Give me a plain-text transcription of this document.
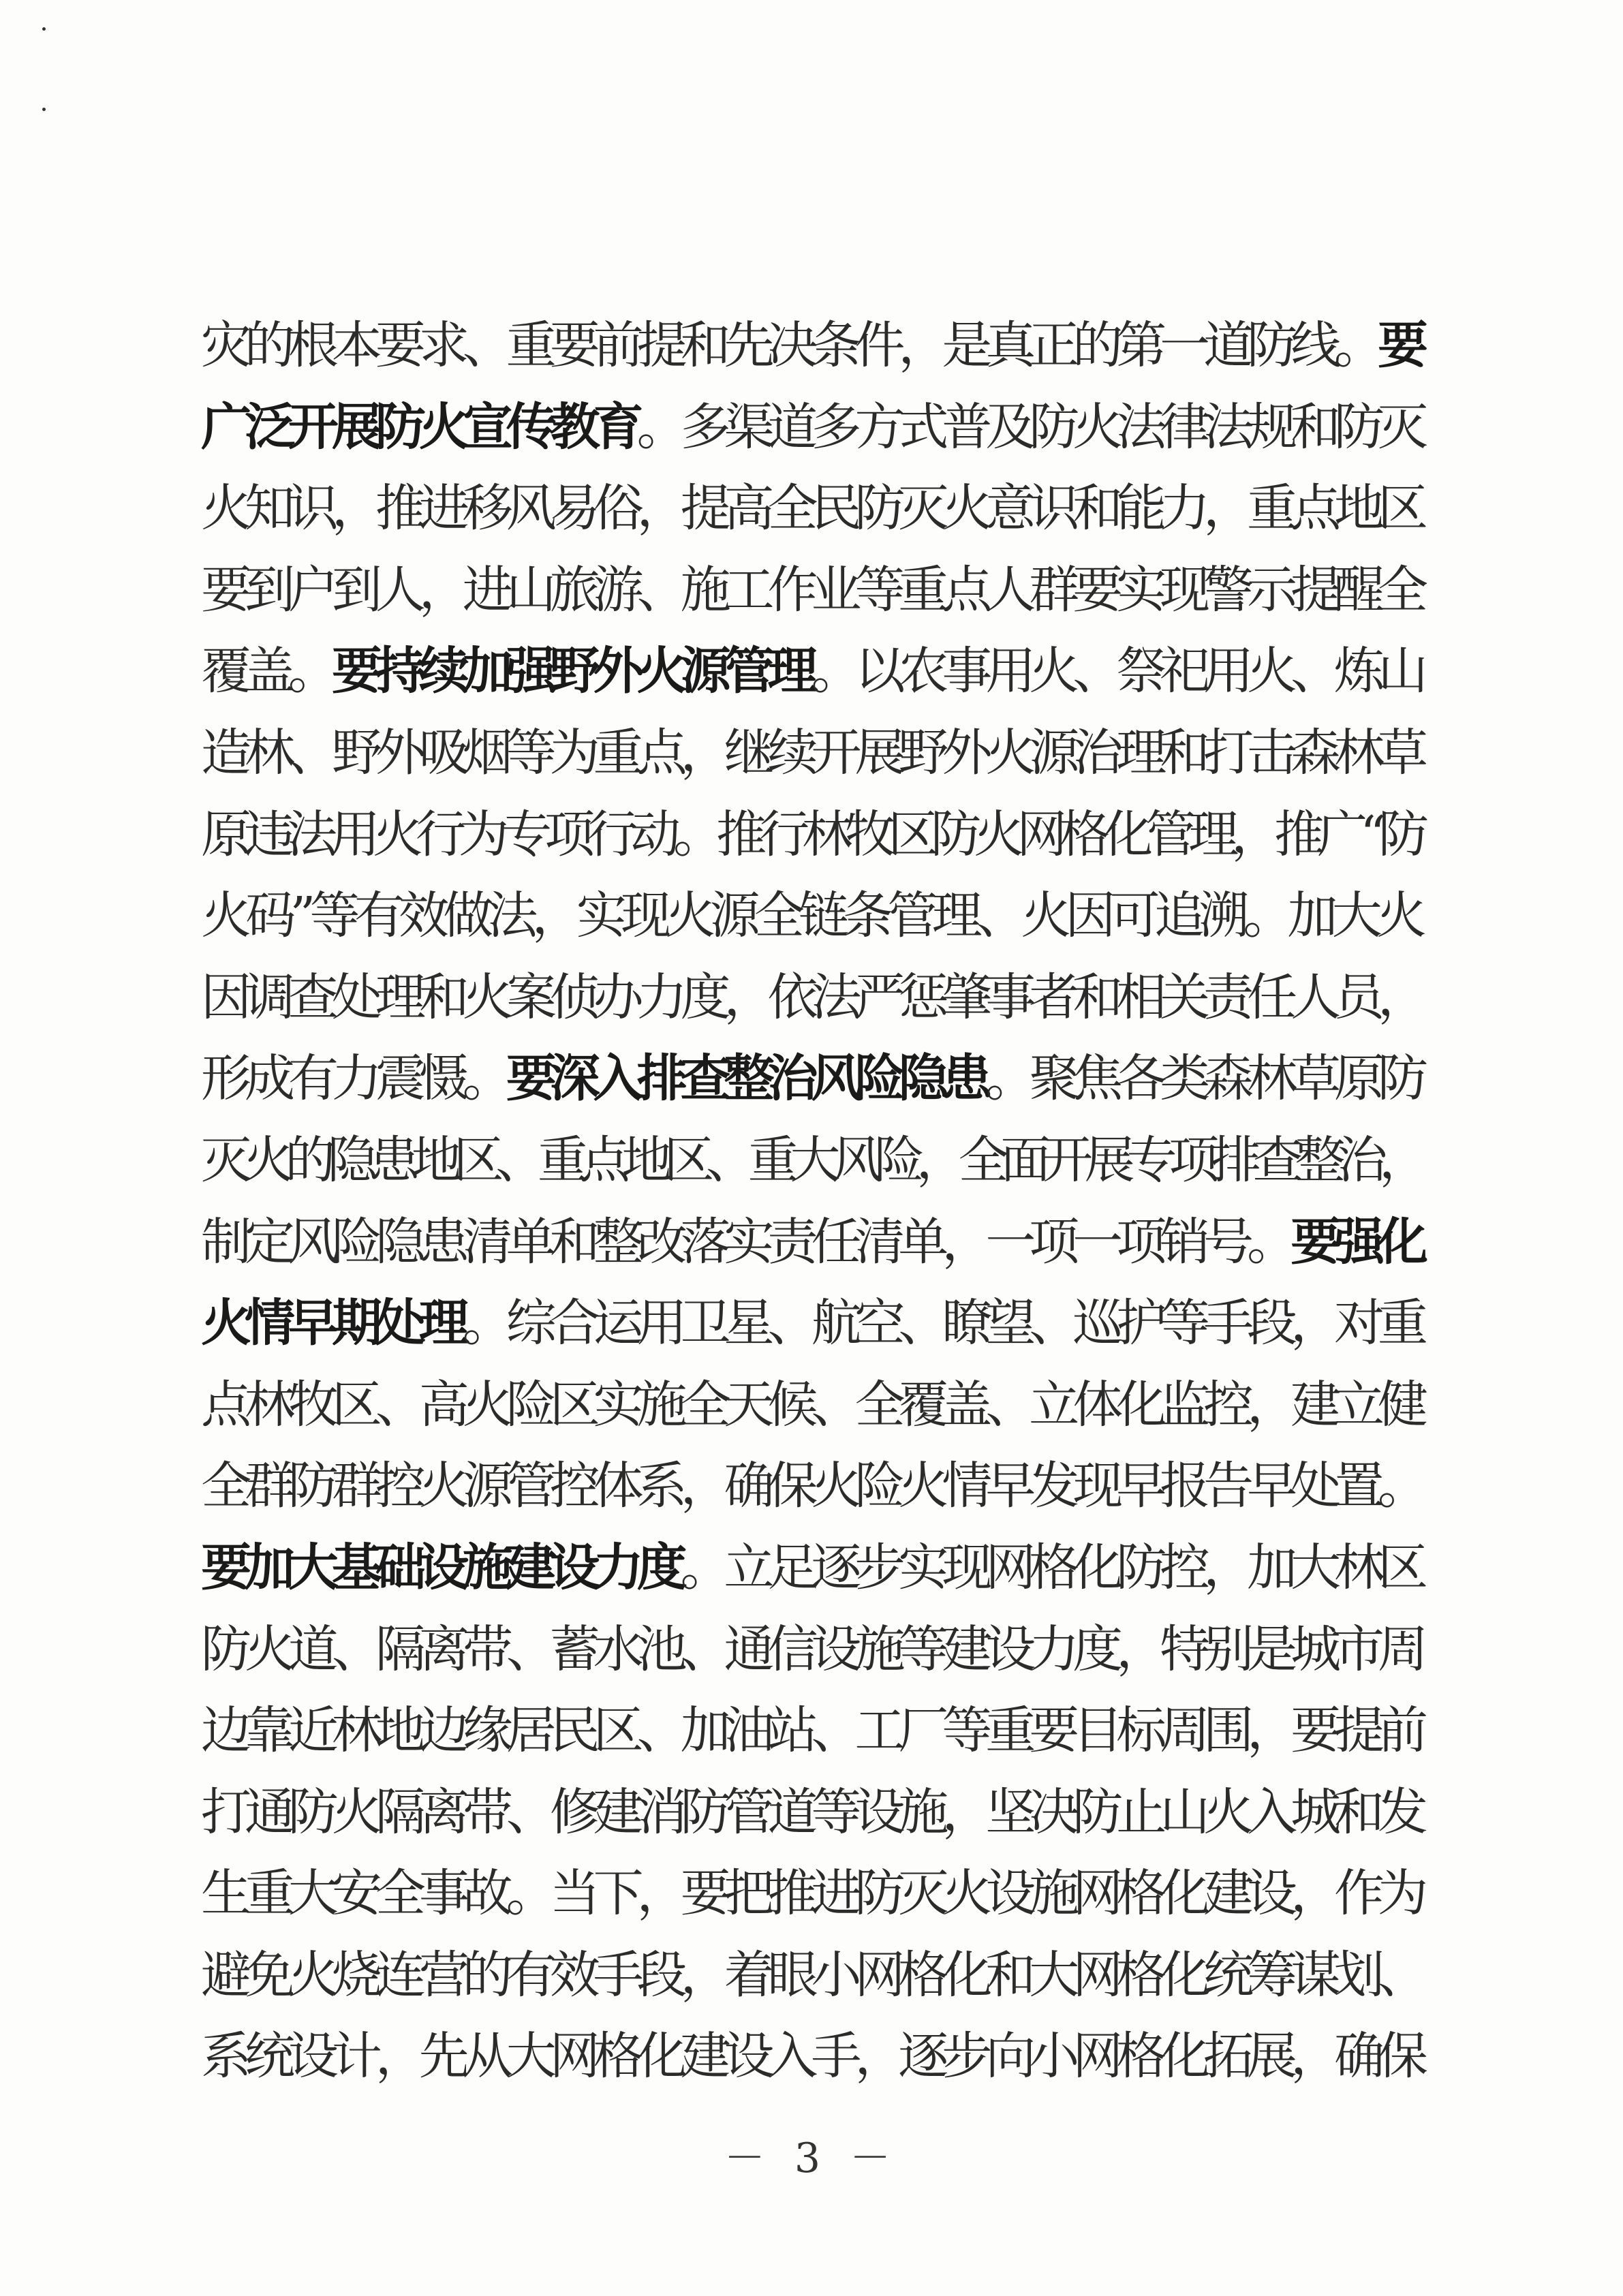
灾的根本要求、重要前提和先决条件，是真正的第一道防线。要
广泛开展防火宣传教育。多渠道多方式普及防火法律法规和防灭
火知识，推进移风易俗，提高全民防灭火意识和能力，重点地区
要到户到人，进山旅游、施工作业等重点人群要实现警示提醒全
覆盖。要持续加强野外火源管理。以农事用火、祭祀用火、炼山
造林、野外吸烟等为重点，继续开展野外火源治理和打击森林草
原违法用火行为专项行动。推行林牧区防火网格化管理，推广“防
火码”等有效做法，实现火源全链条管理、火因可追溯。加大火
因调查处理和火案侦办力度，依法严惩肇事者和相关责任人员，
形成有力震慑。要深入排查整治风险隐患。聚焦各类森林草原防
灭火的隐患地区、重点地区、重大风险，全面开展专项排查整治，
制定风险隐患清单和整改落实责任清单，一项一项销号。要强化
火情早期处理。综合运用卫星、航空、瞭望、巡护等手段，对重
点林牧区、高火险区实施全天候、全覆盖、立体化监控，建立健
全群防群控火源管控体系，确保火险火情早发现早报告早处置。
要加大基础设施建设力度。立足逐步实现网格化防控，加大林区
防火道、隔离带、蓄水池、通信设施等建设力度，特别是城市周
边靠近林地边缘居民区、加油站、工厂等重要目标周围，要提前
打通防火隔离带、修建消防管道等设施，坚决防止山火入城和发
生重大安全事故。当下，要把推进防灭火设施网格化建设，作为
避免火烧连营的有效手段，着眼小网格化和大网格化统筹谋划、
系统设计，先从大网格化建设入手，逐步向小网格化拓展，确保
－ 3 －
